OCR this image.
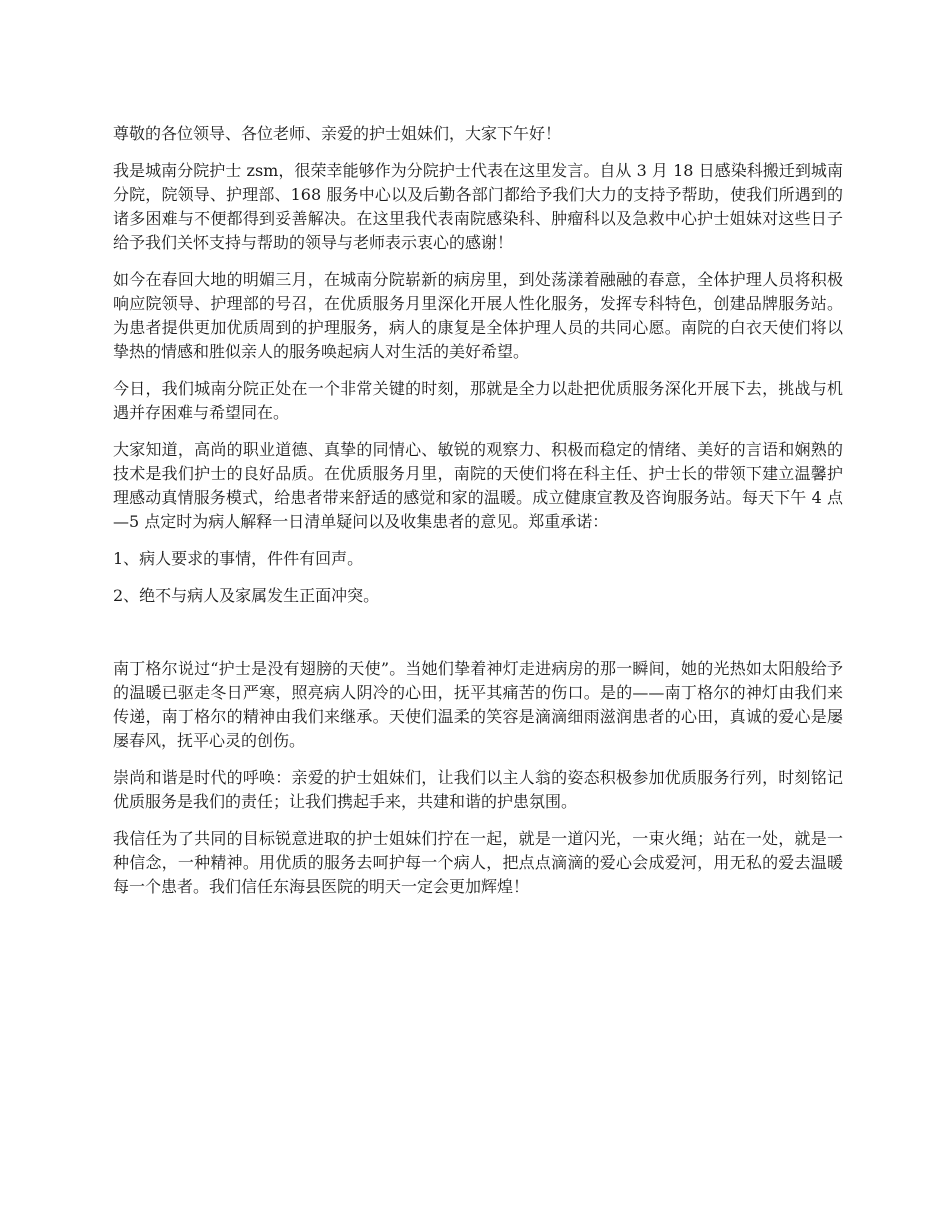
尊敬的各位领导、各位老师、亲爱的护士姐妹们，大家下午好！

我是城南分院护士 zsm，很荣幸能够作为分院护士代表在这里发言。自从 3 月 18 日感染科搬迁到城南分院，院领导、护理部、168 服务中心以及后勤各部门都给予我们大力的支持予帮助，使我们所遇到的诸多困难与不便都得到妥善解决。在这里我代表南院感染科、肿瘤科以及急救中心护士姐妹对这些日子给予我们关怀支持与帮助的领导与老师表示衷心的感谢！

如今在春回大地的明媚三月，在城南分院崭新的病房里，到处荡漾着融融的春意，全体护理人员将积极响应院领导、护理部的号召，在优质服务月里深化开展人性化服务，发挥专科特色，创建品牌服务站。为患者提供更加优质周到的护理服务，病人的康复是全体护理人员的共同心愿。南院的白衣天使们将以挚热的情感和胜似亲人的服务唤起病人对生活的美好希望。

今日，我们城南分院正处在一个非常关键的时刻，那就是全力以赴把优质服务深化开展下去，挑战与机遇并存困难与希望同在。

大家知道，高尚的职业道德、真挚的同情心、敏锐的观察力、积极而稳定的情绪、美好的言语和娴熟的技术是我们护士的良好品质。在优质服务月里，南院的天使们将在科主任、护士长的带领下建立温馨护理感动真情服务模式，给患者带来舒适的感觉和家的温暖。成立健康宣教及咨询服务站。每天下午 4 点—5 点定时为病人解释一日清单疑问以及收集患者的意见。郑重承诺：

1、病人要求的事情，件件有回声。

2、绝不与病人及家属发生正面冲突。

南丁格尔说过“护士是没有翅膀的天使”。当她们挚着神灯走进病房的那一瞬间，她的光热如太阳般给予的温暖已驱走冬日严寒，照亮病人阴冷的心田，抚平其痛苦的伤口。是的——南丁格尔的神灯由我们来传递，南丁格尔的精神由我们来继承。天使们温柔的笑容是滴滴细雨滋润患者的心田，真诚的爱心是屡屡春风，抚平心灵的创伤。

崇尚和谐是时代的呼唤：亲爱的护士姐妹们，让我们以主人翁的姿态积极参加优质服务行列，时刻铭记优质服务是我们的责任；让我们携起手来，共建和谐的护患氛围。

我信任为了共同的目标锐意进取的护士姐妹们拧在一起，就是一道闪光，一束火绳；站在一处，就是一种信念，一种精神。用优质的服务去呵护每一个病人，把点点滴滴的爱心会成爱河，用无私的爱去温暖每一个患者。我们信任东海县医院的明天一定会更加辉煌！
